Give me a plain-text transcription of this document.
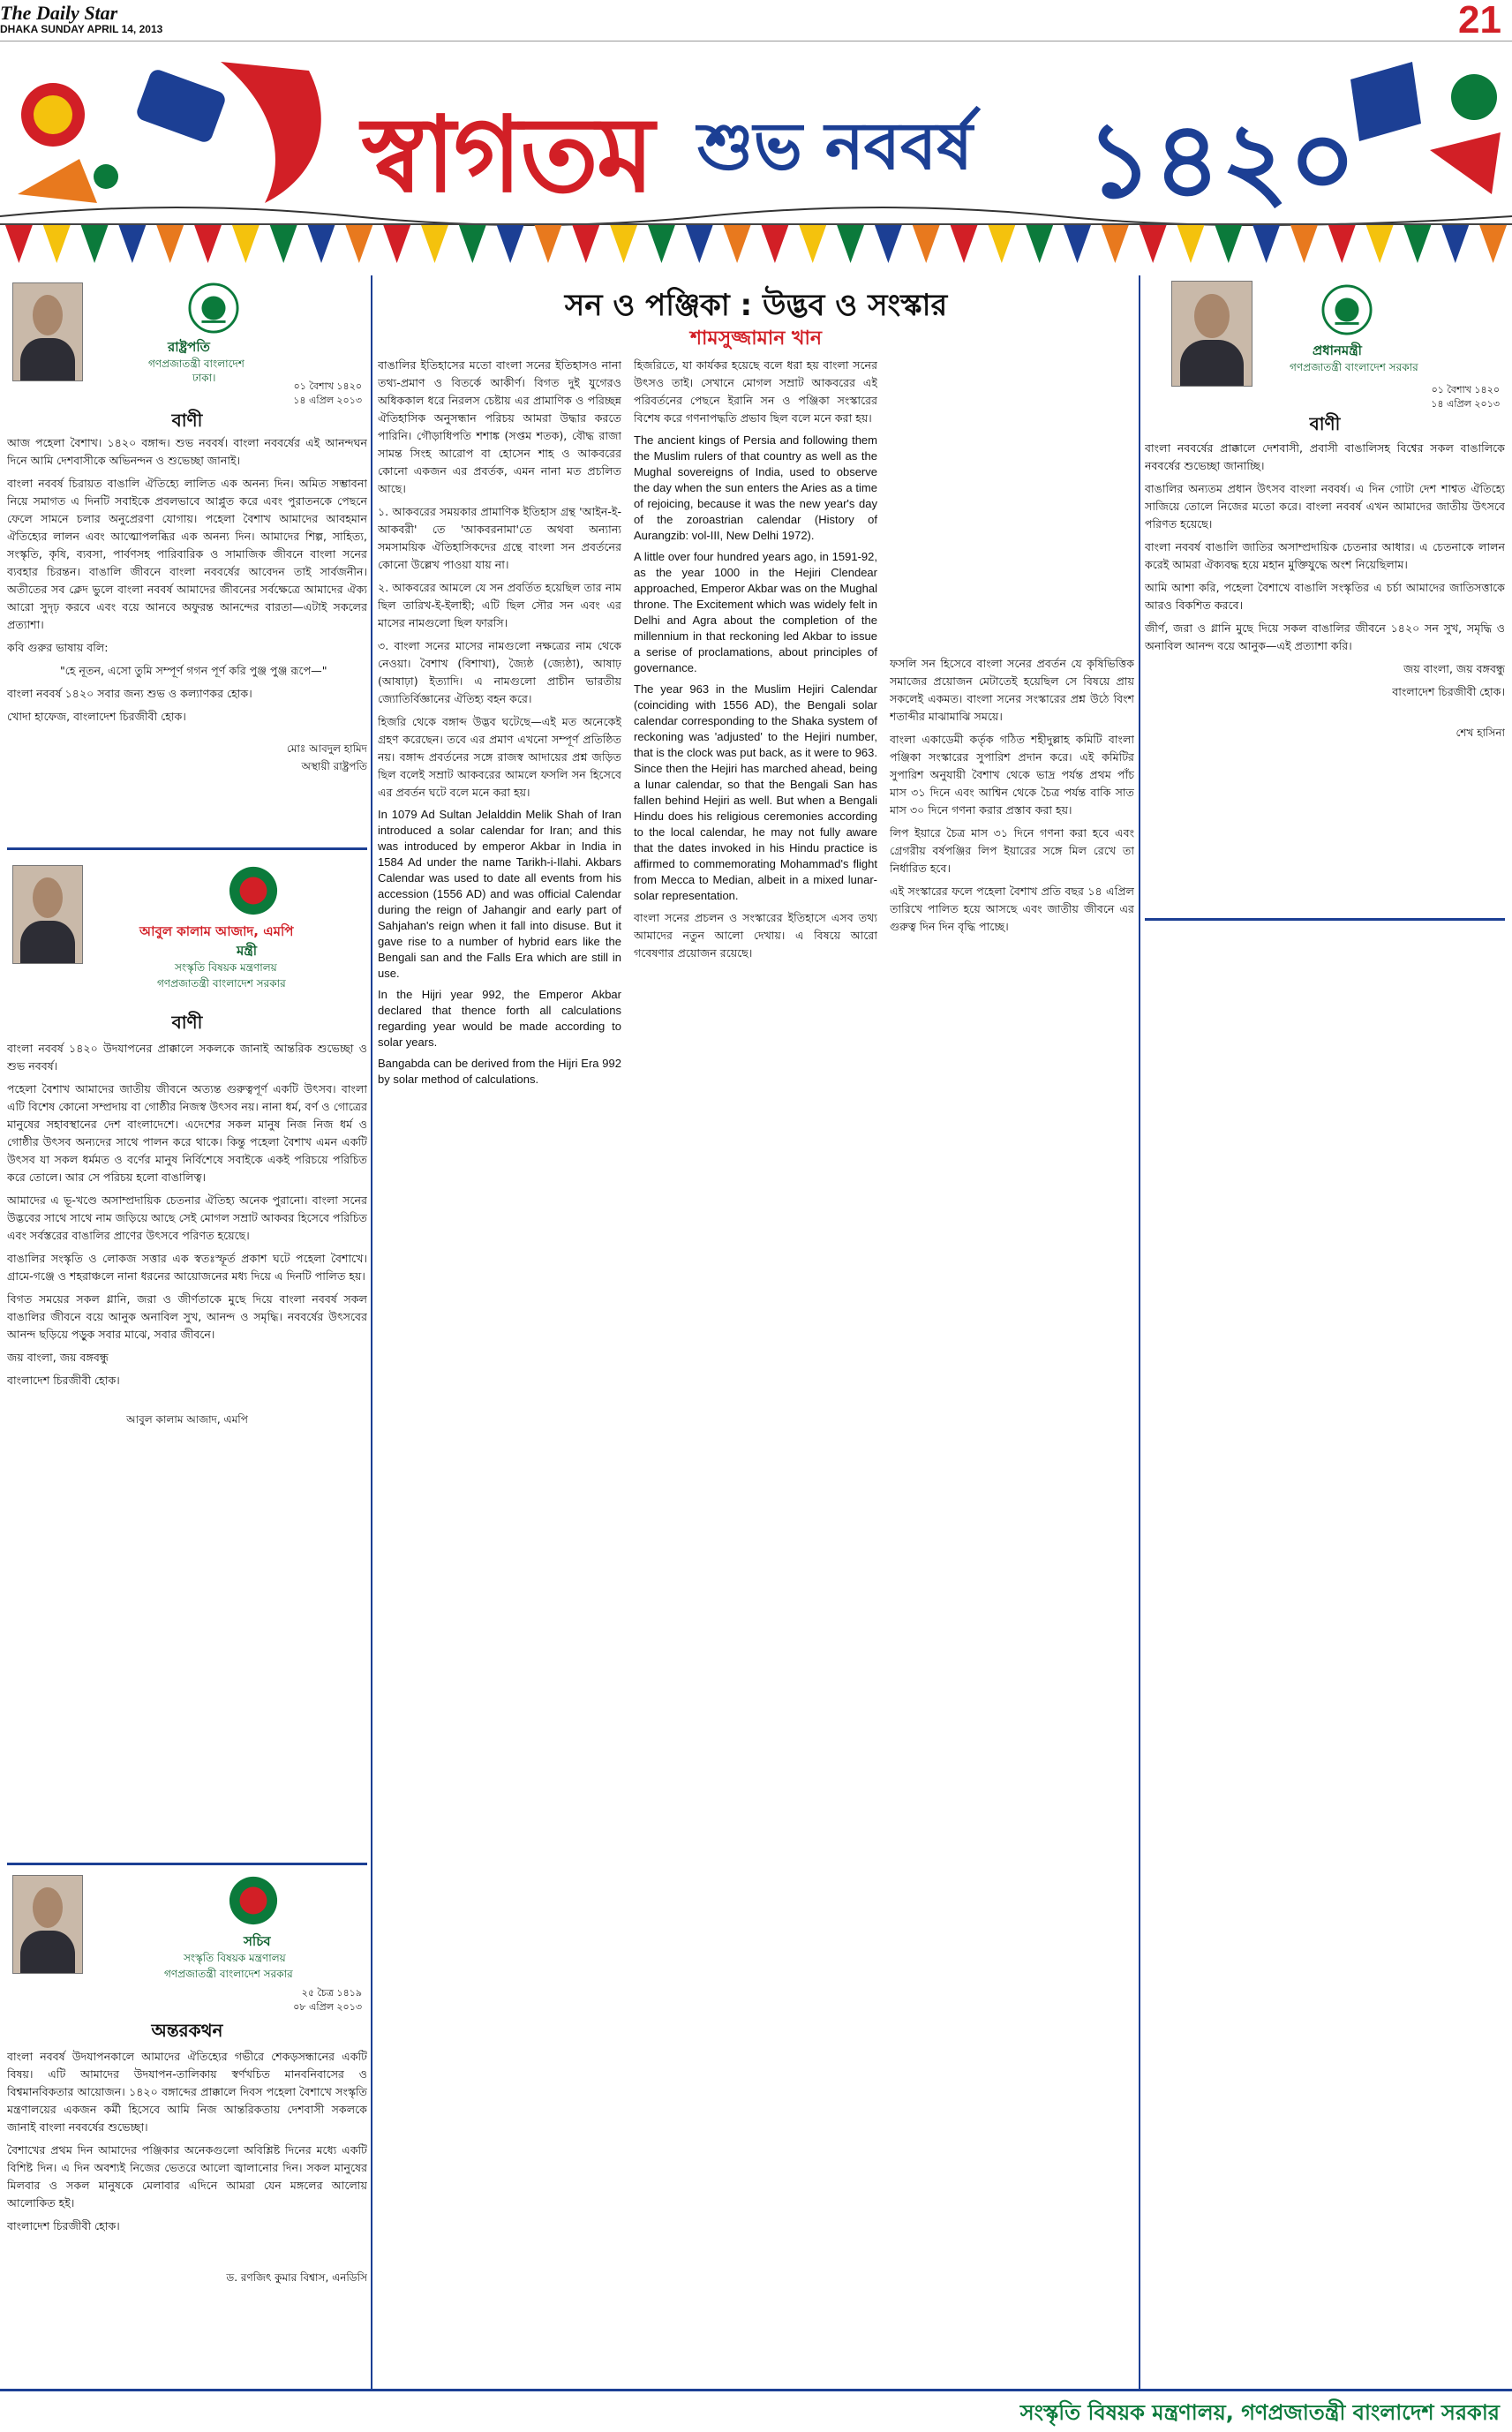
The Daily Star
DHAKA SUNDAY APRIL 14, 2013	21
স্বাগতম শুভ নববর্ষ ১৪২০
রাষ্ট্রপতি
গণপ্রজাতন্ত্রী বাংলাদেশ
ঢাকা।
০১ বৈশাখ ১৪২০
১৪ এপ্রিল ২০১৩
বাণী

আজ পহেলা বৈশাখ। ১৪২০ বঙ্গাব্দ। শুভ নববর্ষ। বাংলা নববর্ষের এই আনন্দঘন দিনে আমি দেশবাসীকে অভিনন্দন ও শুভেচ্ছা জানাই।

বাংলা নববর্ষ চিরায়ত বাঙালি ঐতিহ্যে লালিত এক অনন্য দিন। অমিত সম্ভাবনা নিয়ে সমাগত এ দিনটি সবাইকে প্রবলভাবে আপ্লুত করে এবং পুরাতনকে পেছনে ফেলে সামনে চলার অনুপ্রেরণা যোগায়। পহেলা বৈশাখ আমাদের আবহমান ঐতিহ্যের লালন এবং আত্মোপলব্ধির এক অনন্য দিন। আমাদের শিল্প, সাহিত্য, সংস্কৃতি, কৃষি, ব্যবসা, পার্বণসহ পারিবারিক ও সামাজিক জীবনে বাংলা সনের ব্যবহার চিরন্তন। বাঙালি জীবনে বাংলা নববর্ষের আবেদন তাই সার্বজনীন। অতীতের সব ক্লেদ ভুলে বাংলা নববর্ষ আমাদের জীবনের সর্বক্ষেত্রে আমাদের ঐক্য আরো সুদৃঢ় করবে এবং বয়ে আনবে অফুরন্ত আনন্দের বারতা—এটাই সকলের প্রত্যাশা।

কবি গুরুর ভাষায় বলি:

"হে নূতন, এসো তুমি সম্পূর্ণ গগন পূর্ণ করি পুঞ্জ পুঞ্জ রূপে—"

বাংলা নববর্ষ ১৪২০ সবার জন্য শুভ ও কল্যাণকর হোক।

খোদা হাফেজ, বাংলাদেশ চিরজীবী হোক।

মোঃ আবদুল হামিদ
অস্থায়ী রাষ্ট্রপতি
আবুল কালাম আজাদ, এমপি
মন্ত্রী
সংস্কৃতি বিষয়ক মন্ত্রণালয়
গণপ্রজাতন্ত্রী বাংলাদেশ সরকার
বাণী

বাংলা নববর্ষ ১৪২০ উদযাপনের প্রাক্কালে সকলকে জানাই আন্তরিক শুভেচ্ছা ও শুভ নববর্ষ।

পহেলা বৈশাখ আমাদের জাতীয় জীবনে অত্যন্ত গুরুত্বপূর্ণ একটি উৎসব। বাংলা এটি বিশেষ কোনো সম্প্রদায় বা গোষ্ঠীর নিজস্ব উৎসব নয়। নানা ধর্ম, বর্ণ ও গোত্রের মানুষের সহাবস্থানের দেশ বাংলাদেশে। এদেশের সকল মানুষ নিজ নিজ ধর্ম ও গোষ্ঠীর উৎসব অন্যদের সাথে পালন করে থাকে। কিন্তু পহেলা বৈশাখ এমন একটি উৎসব যা সকল ধর্মমত ও বর্ণের মানুষ নির্বিশেষে সবাইকে একই পরিচয়ে পরিচিত করে তোলে। আর সে পরিচয় হলো বাঙালিত্ব।

আমাদের এ ভূ-খণ্ডে অসাম্প্রদায়িক চেতনার ঐতিহ্য অনেক পুরানো। বাংলা সনের উদ্ভবের সাথে সাথে নাম জড়িয়ে আছে সেই মোগল সম্রাট আকবর হিসেবে পরিচিত এবং সর্বস্তরের বাঙালির প্রাণের উৎসবে পরিণত হয়েছে।

বাঙালির সংস্কৃতি ও লোকজ সত্তার এক স্বতঃস্ফূর্ত প্রকাশ ঘটে পহেলা বৈশাখে। গ্রামে-গঞ্জে ও শহরাঞ্চলে নানা ধরনের আয়োজনের মধ্য দিয়ে এ দিনটি পালিত হয়।

বিগত সময়ের সকল গ্লানি, জরা ও জীর্ণতাকে মুছে দিয়ে বাংলা নববর্ষ সকল বাঙালির জীবনে বয়ে আনুক অনাবিল সুখ, আনন্দ ও সমৃদ্ধি। নববর্ষের উৎসবের আনন্দ ছড়িয়ে পড়ুক সবার মাঝে, সবার জীবনে।

জয় বাংলা, জয় বঙ্গবন্ধু

বাংলাদেশ চিরজীবী হোক।

আবুল কালাম আজাদ, এমপি
সচিব
সংস্কৃতি বিষয়ক মন্ত্রণালয়
গণপ্রজাতন্ত্রী বাংলাদেশ সরকার
২৫ চৈত্র ১৪১৯
০৮ এপ্রিল ২০১৩
অন্তরকথন

বাংলা নববর্ষ উদযাপনকালে আমাদের ঐতিহ্যের গভীরে শেকড়সন্ধানের একটি বিষয়। এটি আমাদের উদযাপন-তালিকায় স্বর্ণখচিত মানবনিবাসের ও বিশ্বমানবিকতার আয়োজন। ১৪২০ বঙ্গাব্দের প্রাক্কালে দিবস পহেলা বৈশাখে সংস্কৃতি মন্ত্রণালয়ের একজন কর্মী হিসেবে আমি নিজ আন্তরিকতায় দেশবাসী সকলকে জানাই বাংলা নববর্ষের শুভেচ্ছা।

বৈশাখের প্রথম দিন আমাদের পঞ্জিকার অনেকগুলো অবিশ্লিষ্ট দিনের মধ্যে একটি বিশিষ্ট দিন। এ দিন অবশ্যই নিজের ভেতরে আলো জ্বালানোর দিন। সকল মানুষের মিলবার ও সকল মানুষকে মেলাবার এদিনে আমরা যেন মঙ্গলের আলোয় আলোকিত হই।

বাংলাদেশ চিরজীবী হোক।

ড. রণজিৎ কুমার বিশ্বাস, এনডিসি
সন ও পঞ্জিকা : উদ্ভব ও সংস্কার
শামসুজ্জামান খান

বাঙালির ইতিহাসের মতো বাংলা সনের ইতিহাসও নানা তথ্য-প্রমাণ ও বিতর্কে আকীর্ণ। বিগত দুই যুগেরও অধিককাল ধরে নিরলস চেষ্টায় এর প্রামাণিক ও পরিচ্ছন্ন ঐতিহাসিক অনুসন্ধান পরিচয় আমরা উদ্ধার করতে পারিনি। গৌড়াধিপতি শশাঙ্ক (সপ্তম শতক), বৌদ্ধ রাজা সামন্ত সিংহ আরোপ বা হোসেন শাহ ও আকবরের কোনো একজন এর প্রবর্তক, এমন নানা মত প্রচলিত আছে।

১. আকবরের সময়কার প্রামাণিক ইতিহাস গ্রন্থ 'আইন-ই-আকবরী' তে 'আকবরনামা'তে অথবা অন্যান্য সমসাময়িক ঐতিহাসিকদের গ্রন্থে বাংলা সন প্রবর্তনের কোনো উল্লেখ পাওয়া যায় না।

২. আকবরের আমলে যে সন প্রবর্তিত হয়েছিল তার নাম ছিল তারিখ-ই-ইলাহী; এটি ছিল সৌর সন এবং এর মাসের নামগুলো ছিল ফারসি।

৩. বাংলা সনের মাসের নামগুলো নক্ষত্রের নাম থেকে নেওয়া। বৈশাখ (বিশাখা), জ্যৈষ্ঠ (জ্যেষ্ঠা), আষাঢ় (আষাঢ়া) ইত্যাদি। এ নামগুলো প্রাচীন ভারতীয় জ্যোতির্বিজ্ঞানের ঐতিহ্য বহন করে।

হিজরি থেকে বঙ্গাব্দ উদ্ভব ঘটেছে—এই মত অনেকেই গ্রহণ করেছেন। তবে এর প্রমাণ এখনো সম্পূর্ণ প্রতিষ্ঠিত নয়। বঙ্গাব্দ প্রবর্তনের সঙ্গে রাজস্ব আদায়ের প্রশ্ন জড়িত ছিল বলেই সম্রাট আকবরের আমলে ফসলি সন হিসেবে এর প্রবর্তন ঘটে বলে মনে করা হয়।

In 1079 Ad Sultan Jelalddin Melik Shah of Iran introduced a solar calendar for Iran; and this was introduced by emperor Akbar in India in 1584 Ad under the name Tarikh-i-Ilahi. Akbars Calendar was used to date all events from his accession (1556 AD) and was official Calendar during the reign of Jahangir and early part of Sahjahan's reign when it fall into disuse. But it gave rise to a number of hybrid ears like the Bengali san and the Falls Era which are still in use.

In the Hijri year 992, the Emperor Akbar declared that thence forth all calculations regarding year would be made according to solar years.

Bangabda can be derived from the Hijri Era 992 by solar method of calculations.

হিজরিতে, যা কার্যকর হয়েছে বলে ধরা হয় বাংলা সনের উৎসও তাই। সেখানে মোগল সম্রাট আকবরের এই পরিবর্তনের পেছনে ইরানি সন ও পঞ্জিকা সংস্কারের বিশেষ করে গণনাপদ্ধতি প্রভাব ছিল বলে মনে করা হয়।

The ancient kings of Persia and following them the Muslim rulers of that country as well as the Mughal sovereigns of India, used to observe the day when the sun enters the Aries as a time of rejoicing, because it was the new year's day of the zoroastrian calendar (History of Aurangzib: vol-III, New Delhi 1972).

A little over four hundred years ago, in 1591-92, as the year 1000 in the Hejiri Clendear approached, Emperor Akbar was on the Mughal throne. The Excitement which was widely felt in Delhi and Agra about the completion of the millennium in that reckoning led Akbar to issue a serise of proclamations, about principles of governance.

The year 963 in the Muslim Hejiri Calendar (coinciding with 1556 AD), the Bengali solar calendar corresponding to the Shaka system of reckoning was 'adjusted' to the Hejiri number, that is the clock was put back, as it were to 963. Since then the Hejiri has marched ahead, being a lunar calendar, so that the Bengali San has fallen behind Hejiri as well. But when a Bengali Hindu does his religious ceremonies according to the local calendar, he may not fully aware that the dates invoked in his Hindu practice is affirmed to commemorating Mohammad's flight from Mecca to Median, albeit in a mixed lunar-solar representation.

বাংলা সনের প্রচলন ও সংস্কারের ইতিহাসে এসব তথ্য আমাদের নতুন আলো দেখায়। এ বিষয়ে আরো গবেষণার প্রয়োজন রয়েছে।

ফসলি সন হিসেবে বাংলা সনের প্রবর্তন যে কৃষিভিত্তিক সমাজের প্রয়োজন মেটাতেই হয়েছিল সে বিষয়ে প্রায় সকলেই একমত। বাংলা সনের সংস্কারের প্রশ্ন উঠে বিংশ শতাব্দীর মাঝামাঝি সময়ে।

বাংলা একাডেমী কর্তৃক গঠিত শহীদুল্লাহ কমিটি বাংলা পঞ্জিকা সংস্কারের সুপারিশ প্রদান করে। এই কমিটির সুপারিশ অনুযায়ী বৈশাখ থেকে ভাদ্র পর্যন্ত প্রথম পাঁচ মাস ৩১ দিনে এবং আশ্বিন থেকে চৈত্র পর্যন্ত বাকি সাত মাস ৩০ দিনে গণনা করার প্রস্তাব করা হয়।

লিপ ইয়ারে চৈত্র মাস ৩১ দিনে গণনা করা হবে এবং গ্রেগরীয় বর্ষপঞ্জির লিপ ইয়ারের সঙ্গে মিল রেখে তা নির্ধারিত হবে।

এই সংস্কারের ফলে পহেলা বৈশাখ প্রতি বছর ১৪ এপ্রিল তারিখে পালিত হয়ে আসছে এবং জাতীয় জীবনে এর গুরুত্ব দিন দিন বৃদ্ধি পাচ্ছে।

প্রধানমন্ত্রী
গণপ্রজাতন্ত্রী বাংলাদেশ সরকার
০১ বৈশাখ ১৪২০
১৪ এপ্রিল ২০১৩
বাণী

বাংলা নববর্ষের প্রাক্কালে দেশবাসী, প্রবাসী বাঙালিসহ বিশ্বের সকল বাঙালিকে নববর্ষের শুভেচ্ছা জানাচ্ছি।

বাঙালির অন্যতম প্রধান উৎসব বাংলা নববর্ষ। এ দিন গোটা দেশ শাশ্বত ঐতিহ্যে সাজিয়ে তোলে নিজের মতো করে। বাংলা নববর্ষ এখন আমাদের জাতীয় উৎসবে পরিণত হয়েছে।

বাংলা নববর্ষ বাঙালি জাতির অসাম্প্রদায়িক চেতনার আধার। এ চেতনাকে লালন করেই আমরা ঐক্যবদ্ধ হয়ে মহান মুক্তিযুদ্ধে অংশ নিয়েছিলাম।

আমি আশা করি, পহেলা বৈশাখে বাঙালি সংস্কৃতির এ চর্চা আমাদের জাতিসত্তাকে আরও বিকশিত করবে।

জীর্ণ, জরা ও গ্লানি মুছে দিয়ে সকল বাঙালির জীবনে ১৪২০ সন সুখ, সমৃদ্ধি ও অনাবিল আনন্দ বয়ে আনুক—এই প্রত্যাশা করি।

জয় বাংলা, জয় বঙ্গবন্ধু

বাংলাদেশ চিরজীবী হোক।

শেখ হাসিনা
সংস্কৃতি বিষয়ক মন্ত্রণালয়, গণপ্রজাতন্ত্রী বাংলাদেশ সরকার
